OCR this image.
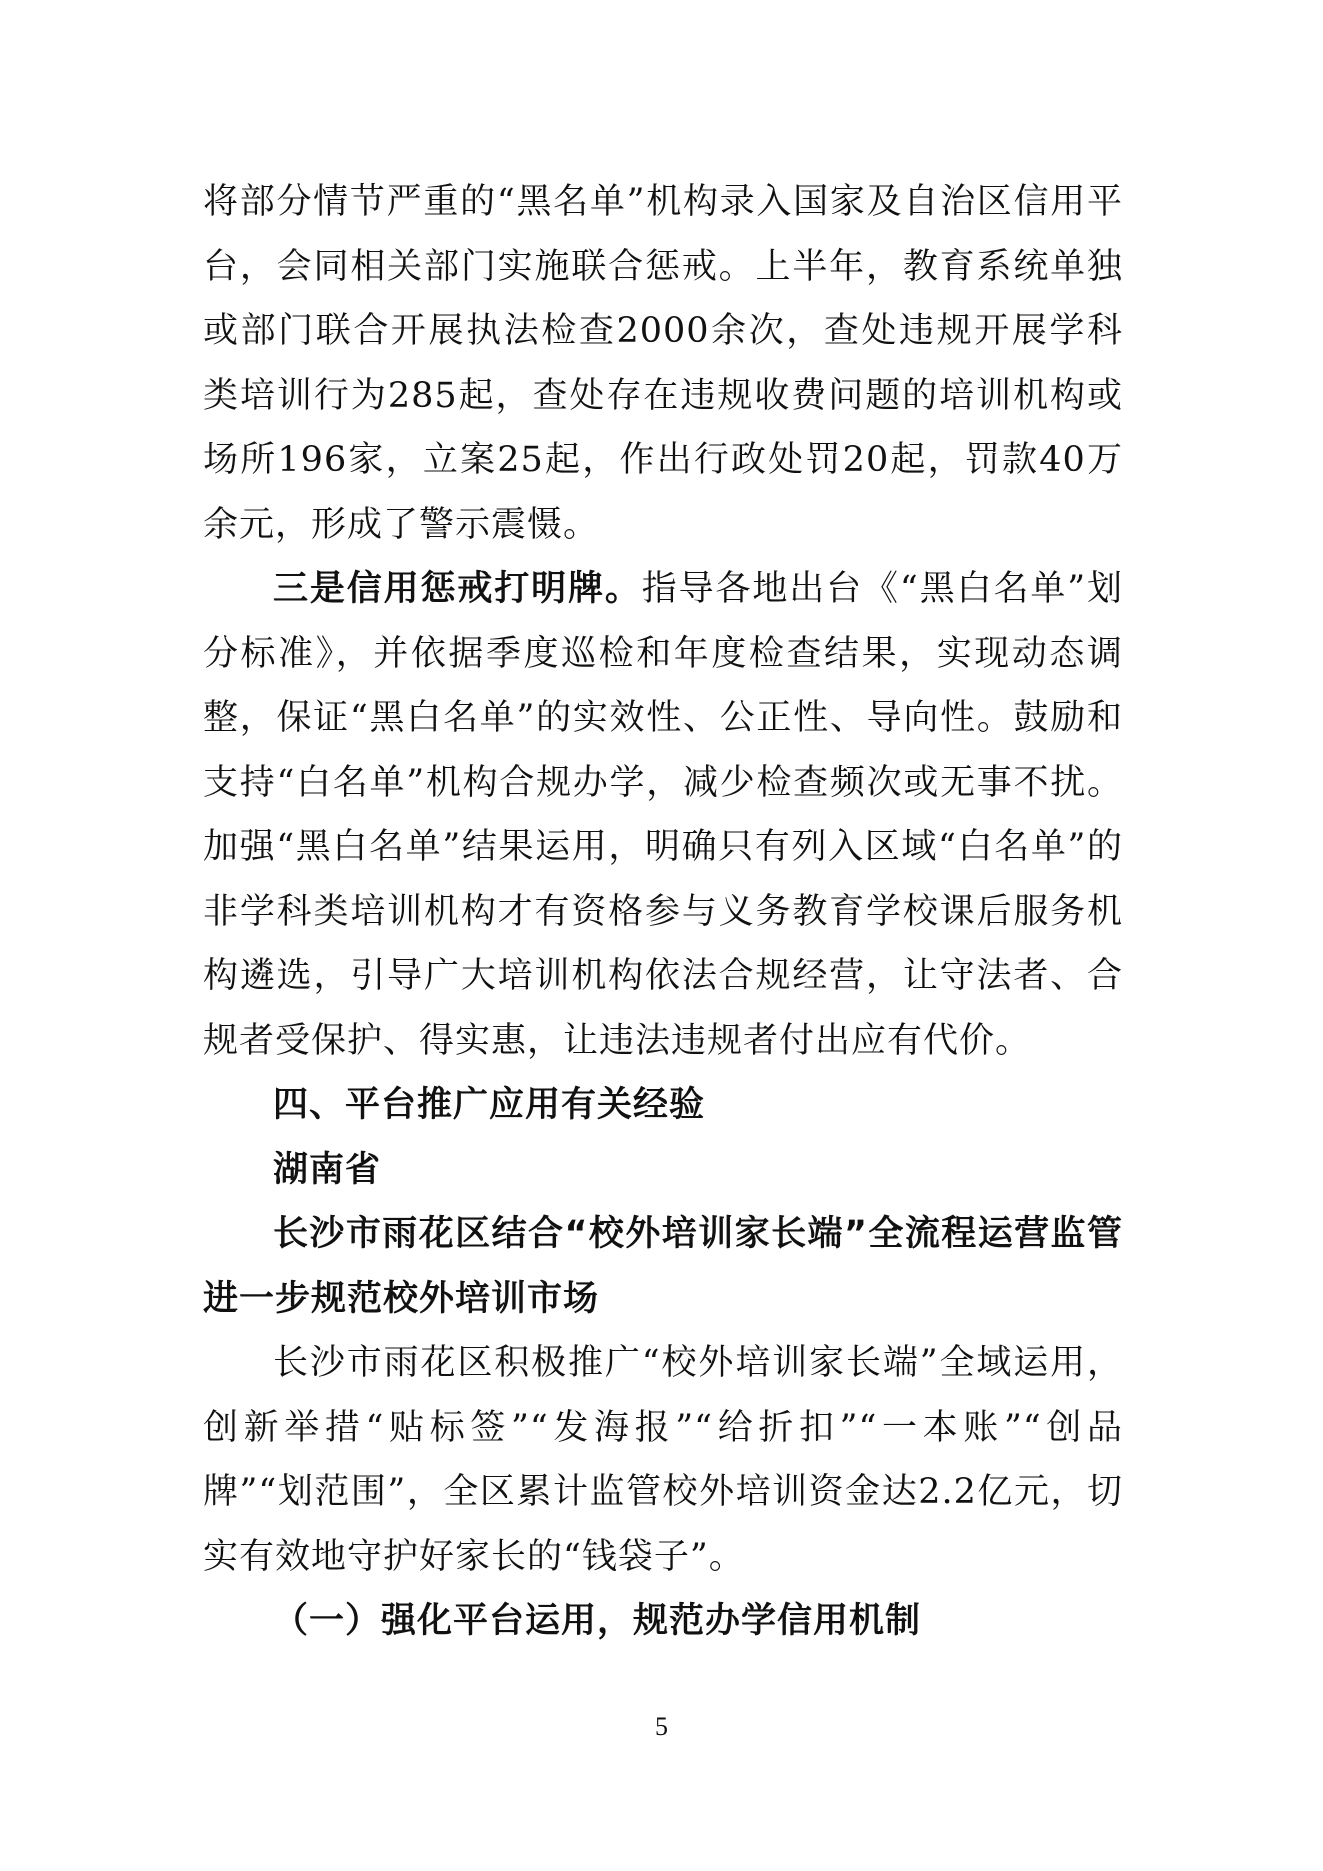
将部分情节严重的“黑名单”机构录入国家及自治区信用平台，会同相关部门实施联合惩戒。上半年，教育系统单独或部门联合开展执法检查2000余次，查处违规开展学科类培训行为285起，查处存在违规收费问题的培训机构或场所196家，立案25起，作出行政处罚20起，罚款40万余元，形成了警示震慑。

三是信用惩戒打明牌。指导各地出台《“黑白名单”划分标准》，并依据季度巡检和年度检查结果，实现动态调整，保证“黑白名单”的实效性、公正性、导向性。鼓励和支持“白名单”机构合规办学，减少检查频次或无事不扰。加强“黑白名单”结果运用，明确只有列入区域“白名单”的非学科类培训机构才有资格参与义务教育学校课后服务机构遴选，引导广大培训机构依法合规经营，让守法者、合规者受保护、得实惠，让违法违规者付出应有代价。

四、平台推广应用有关经验

湖南省

长沙市雨花区结合“校外培训家长端”全流程运营监管进一步规范校外培训市场

长沙市雨花区积极推广“校外培训家长端”全域运用，创新举措“贴标签”“发海报”“给折扣”“一本账”“创品牌”“划范围”，全区累计监管校外培训资金达2.2亿元，切实有效地守护好家长的“钱袋子”。

（一）强化平台运用，规范办学信用机制

5
